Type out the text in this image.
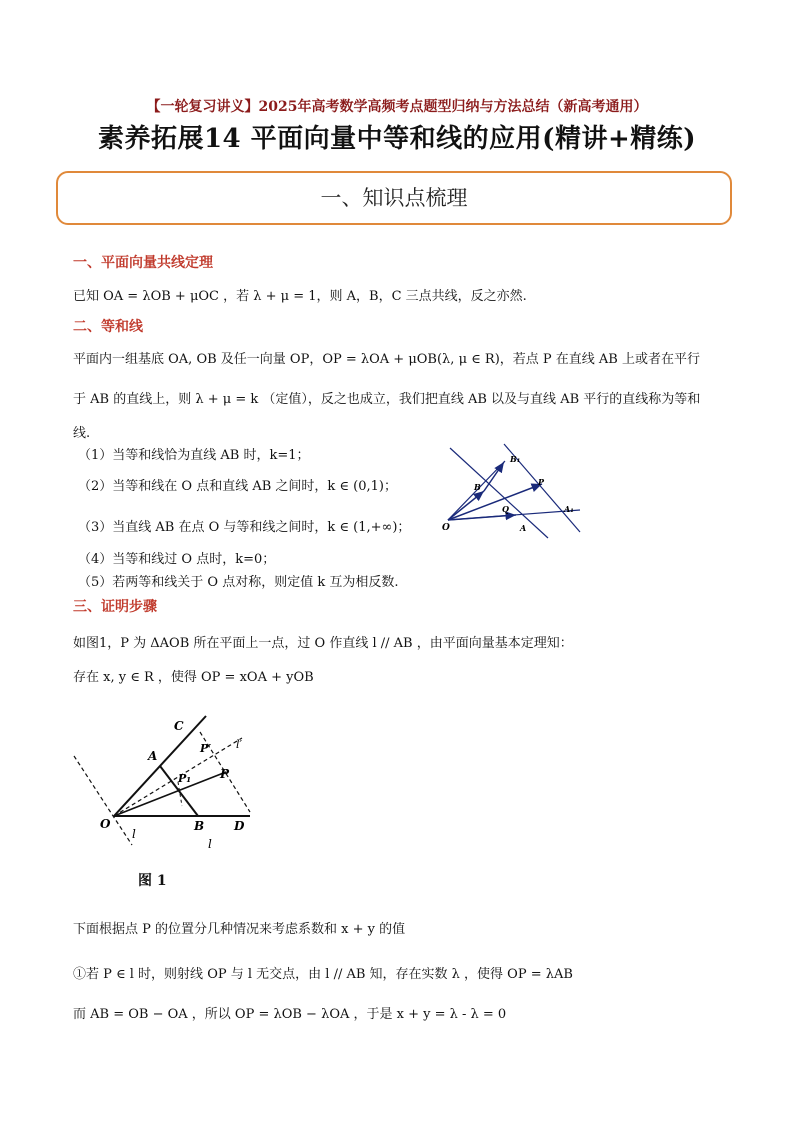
【一轮复习讲义】2025年高考数学高频考点题型归纳与方法总结（新高考通用）
素养拓展14 平面向量中等和线的应用(精讲+精练)
一、知识点梳理
一、平面向量共线定理
已知 OA = λOB + μOC ，若 λ + μ = 1，则 A，B，C 三点共线，反之亦然.
二、等和线
平面内一组基底 OA, OB 及任一向量 OP，OP = λOA + μOB(λ, μ ∈ R)，若点 P 在直线 AB 上或者在平行
于 AB 的直线上，则 λ + μ = k （定值），反之也成立，我们把直线 AB 以及与直线 AB 平行的直线称为等和
线.
（1）当等和线恰为直线 AB 时，k=1；
（2）当等和线在 O 点和直线 AB 之间时，k ∈ (0,1)；
（3）当直线 AB 在点 O 与等和线之间时，k ∈ (1,+∞)；
（4）当等和线过 O 点时，k=0；
（5）若两等和线关于 O 点对称，则定值 k 互为相反数.
O
B
B₁
P
Q
A
A₁
三、证明步骤
如图1，P 为 ΔAOB 所在平面上一点，过 O 作直线 l // AB ，由平面向量基本定理知：
存在 x, y ∈ R ，使得 OP = xOA + yOB
C
A
P′ l′
P₁ P
O	B D
l
l
图 1
下面根据点 P 的位置分几种情况来考虑系数和 x + y 的值
①若 P ∈ l 时，则射线 OP 与 l 无交点，由 l // AB 知，存在实数 λ ，使得 OP = λAB
而 AB = OB − OA ，所以 OP = λOB − λOA ，于是 x + y = λ - λ = 0
